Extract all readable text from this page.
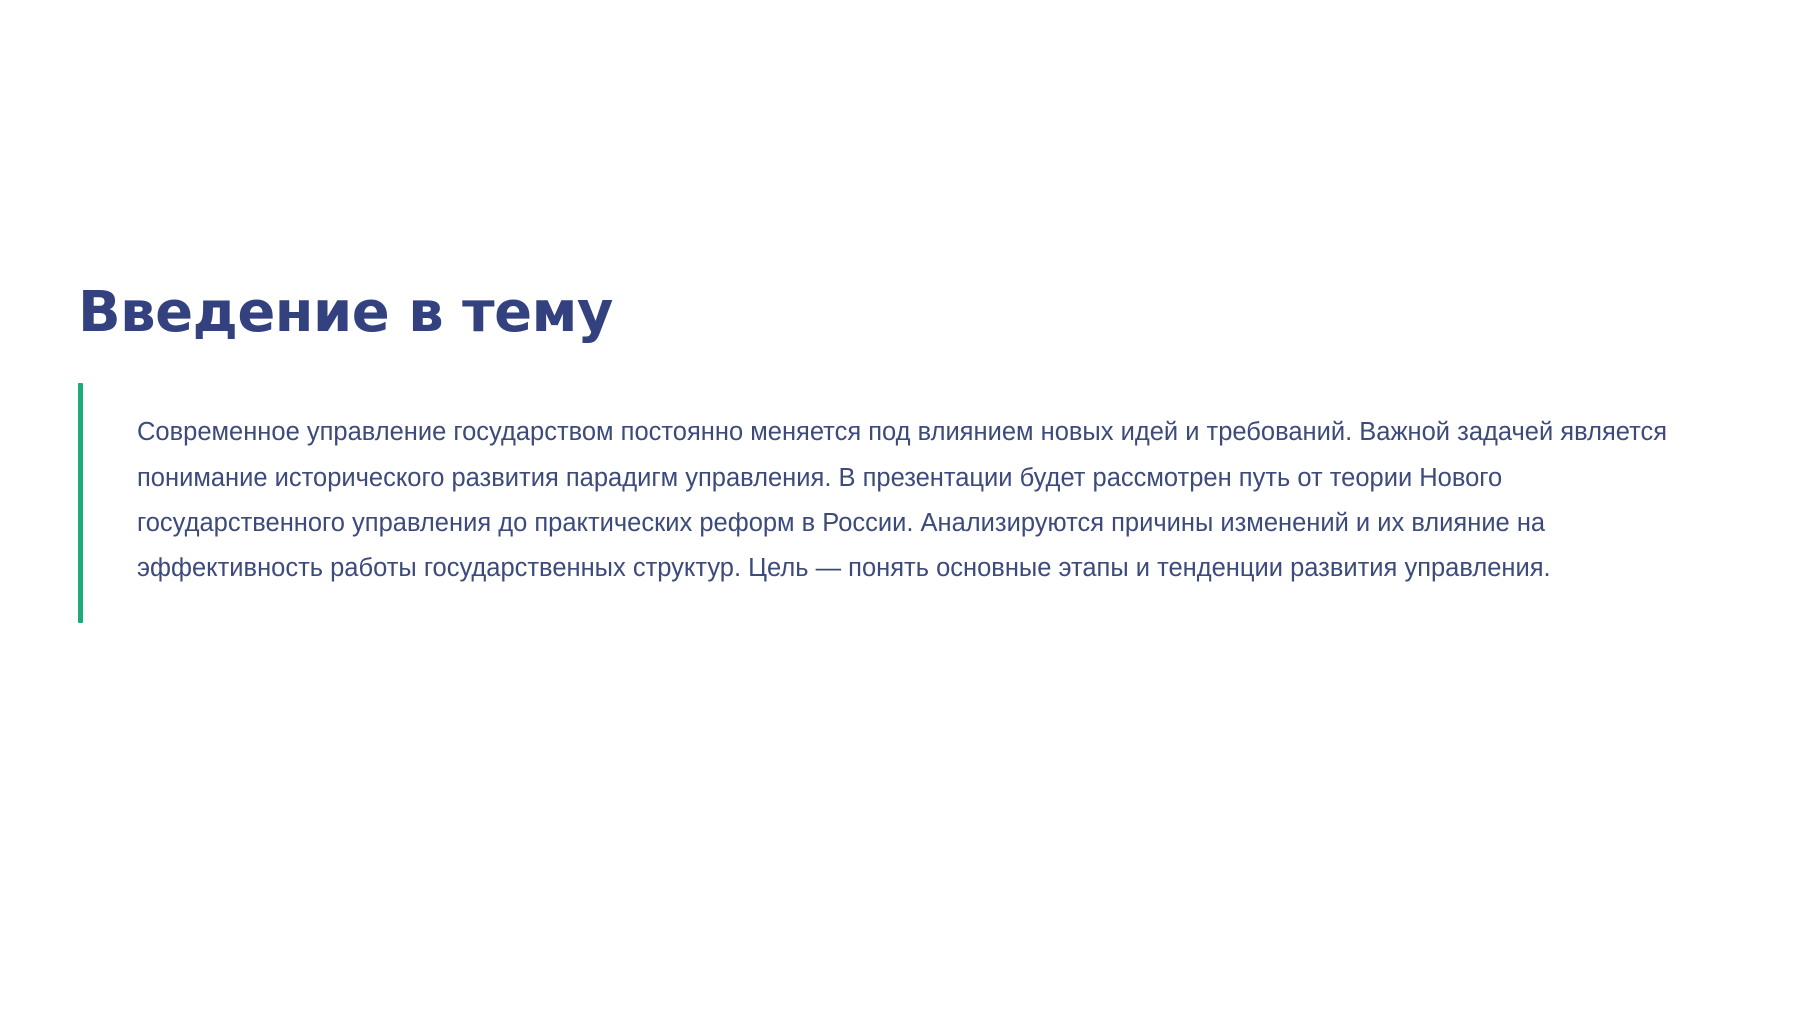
Введение в тему

Современное управление государством постоянно меняется под влиянием новых идей и требований. Важной задачей является понимание исторического развития парадигм управления. В презентации будет рассмотрен путь от теории Нового государственного управления до практических реформ в России. Анализируются причины изменений и их влияние на эффективность работы государственных структур. Цель — понять основные этапы и тенденции развития управления.
